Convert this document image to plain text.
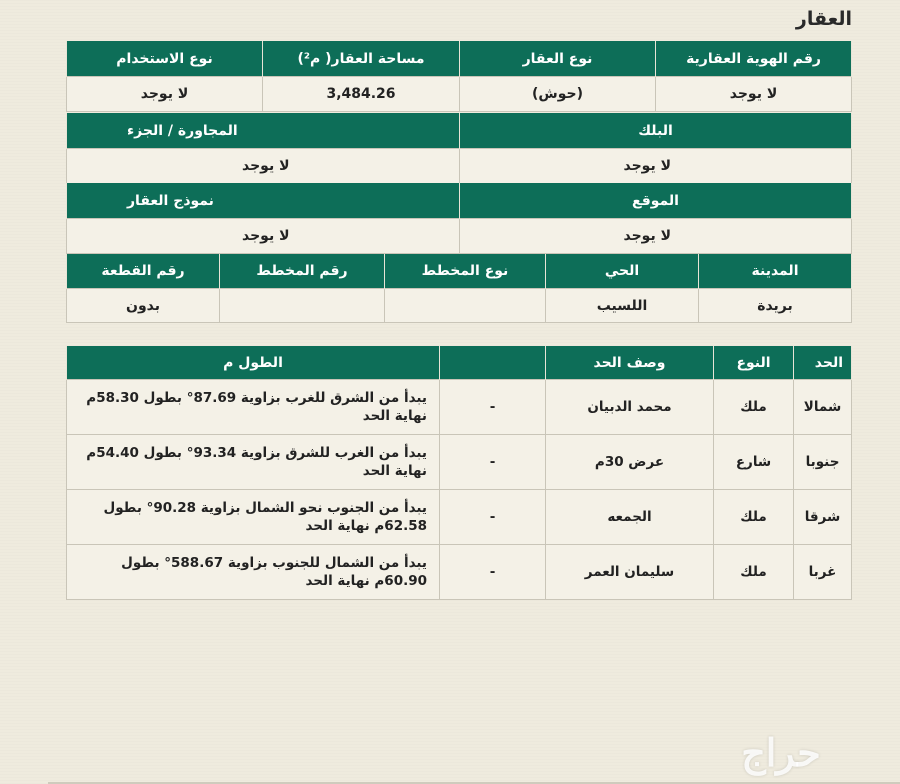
العقار
رقم الهوية العقارية	نوع العقار	مساحة العقار( م²)	نوع الاستخدام
لا يوجد	(حوش)	3,484.26	لا يوجد
البلك	المجاورة / الجزء
لا يوجد	لا يوجد
الموقع	نموذج العقار
لا يوجد	لا يوجد
المدينة	الحي	نوع المخطط	رقم المخطط	رقم القطعة
بريدة	اللسيب			بدون
الحد	النوع	وصف الحد		الطول م
شمالا	ملك	محمد الدبيان	-	يبدأ من الشرق للغرب بزاوية 87.69° بطول 58.30م نهاية الحد
جنوبا	شارع	عرض 30م	-	يبدأ من الغرب للشرق بزاوية 93.34° بطول 54.40م نهاية الحد
شرقا	ملك	الجمعه	-	يبدأ من الجنوب نحو الشمال بزاوية 90.28° بطول 62.58م نهاية الحد
غربا	ملك	سليمان العمر	-	يبدأ من الشمال للجنوب بزاوية 588.67° بطول 60.90م نهاية الحد
حراج
